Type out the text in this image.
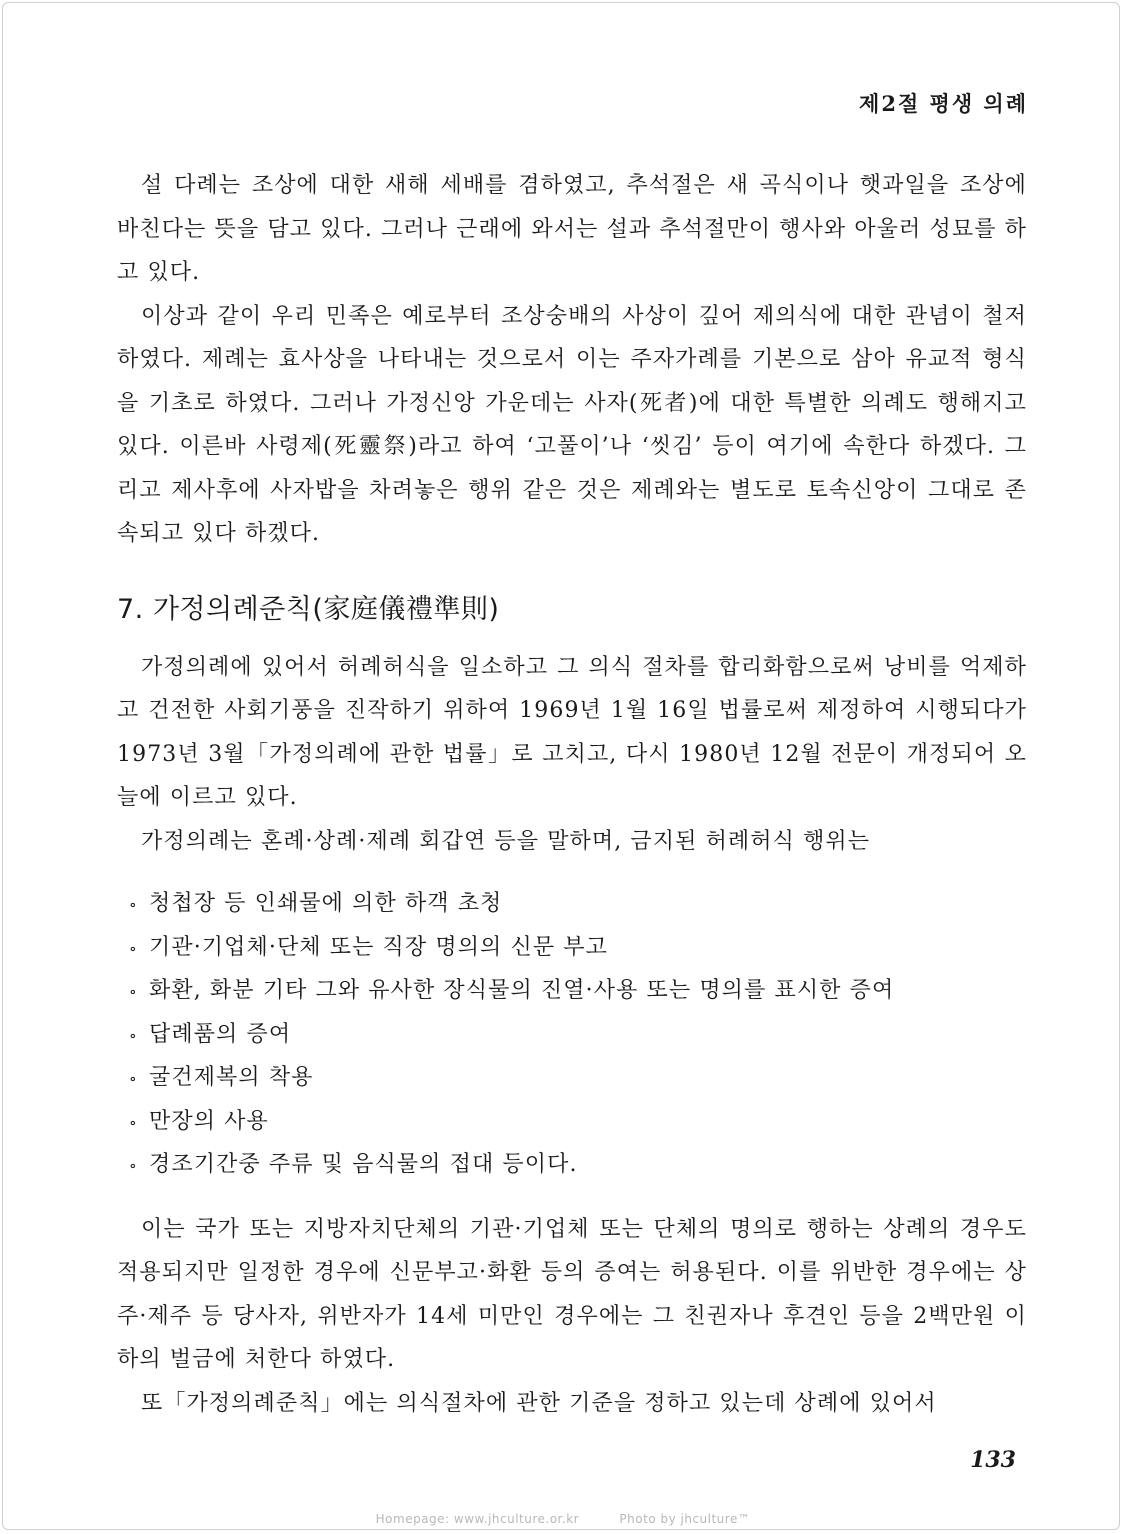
제2절 평생 의례

설 다례는 조상에 대한 새해 세배를 겸하였고, 추석절은 새 곡식이나 햇과일을 조상에 바친다는 뜻을 담고 있다. 그러나 근래에 와서는 설과 추석절만이 행사와 아울러 성묘를 하고 있다.

이상과 같이 우리 민족은 예로부터 조상숭배의 사상이 깊어 제의식에 대한 관념이 철저하였다. 제례는 효사상을 나타내는 것으로서 이는 주자가례를 기본으로 삼아 유교적 형식을 기초로 하였다. 그러나 가정신앙 가운데는 사자(死者)에 대한 특별한 의례도 행해지고 있다. 이른바 사령제(死靈祭)라고 하여 ‘고풀이’나 ‘씻김’ 등이 여기에 속한다 하겠다. 그리고 제사후에 사자밥을 차려놓은 행위 같은 것은 제례와는 별도로 토속신앙이 그대로 존속되고 있다 하겠다.

7. 가정의례준칙(家庭儀禮準則)

가정의례에 있어서 허례허식을 일소하고 그 의식 절차를 합리화함으로써 낭비를 억제하고 건전한 사회기풍을 진작하기 위하여 1969년 1월 16일 법률로써 제정하여 시행되다가 1973년 3월「가정의례에 관한 법률」로 고치고, 다시 1980년 12월 전문이 개정되어 오늘에 이르고 있다.

가정의례는 혼례·상례·제례 회갑연 등을 말하며, 금지된 허례허식 행위는

∘ 청첩장 등 인쇄물에 의한 하객 초청
∘ 기관·기업체·단체 또는 직장 명의의 신문 부고
∘ 화환, 화분 기타 그와 유사한 장식물의 진열·사용 또는 명의를 표시한 증여
∘ 답례품의 증여
∘ 굴건제복의 착용
∘ 만장의 사용
∘ 경조기간중 주류 및 음식물의 접대 등이다.

이는 국가 또는 지방자치단체의 기관·기업체 또는 단체의 명의로 행하는 상례의 경우도 적용되지만 일정한 경우에 신문부고·화환 등의 증여는 허용된다. 이를 위반한 경우에는 상주·제주 등 당사자, 위반자가 14세 미만인 경우에는 그 친권자나 후견인 등을 2백만원 이하의 벌금에 처한다 하였다.

또「가정의례준칙」에는 의식절차에 관한 기준을 정하고 있는데 상례에 있어서

133
Homepage: www.jhculture.or.kr	Photo by jhculture™
